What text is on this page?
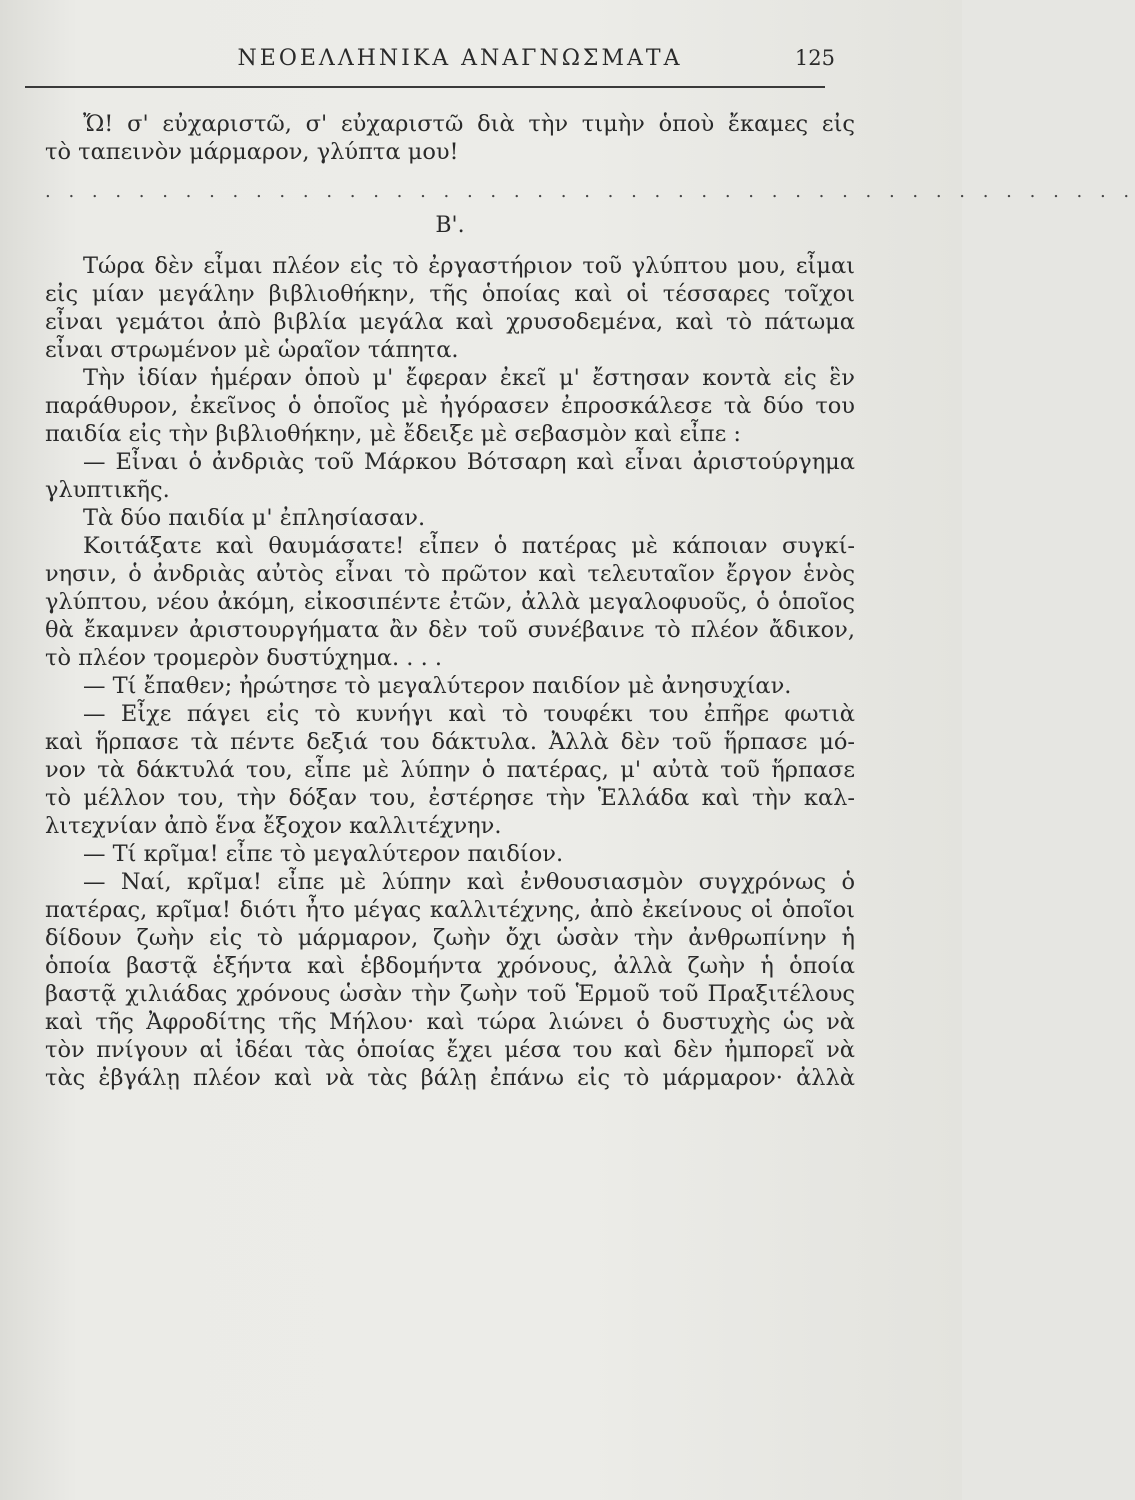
ΝΕΟΕΛΛΗΝΙΚΑ ΑΝΑΓΝΩΣΜΑΤΑ	125

Ὤ! σ' εὐχαριστῶ, σ' εὐχαριστῶ διὰ τὴν τιμὴν ὁποὺ ἔκαμες εἰς

τὸ ταπεινὸν μάρμαρον, γλύπτα μου!

. . . . . . . . . . . . . . . . . . . . . . . . . . . . . . . . . . . . . . . . . . . . . . .
Β'.

Τώρα δὲν εἶμαι πλέον εἰς τὸ ἐργαστήριον τοῦ γλύπτου μου, εἶμαι

εἰς μίαν μεγάλην βιβλιοθήκην, τῆς ὁποίας καὶ οἱ τέσσαρες τοῖχοι

εἶναι γεμάτοι ἀπὸ βιβλία μεγάλα καὶ χρυσοδεμένα, καὶ τὸ πάτωμα

εἶναι στρωμένον μὲ ὡραῖον τάπητα.

Τὴν ἰδίαν ἡμέραν ὁποὺ μ' ἔφεραν ἐκεῖ μ' ἔστησαν κοντὰ εἰς ἓν

παράθυρον, ἐκεῖνος ὁ ὁποῖος μὲ ἠγόρασεν ἐπροσκάλεσε τὰ δύο του

παιδία εἰς τὴν βιβλιοθήκην, μὲ ἔδειξε μὲ σεβασμὸν καὶ εἶπε :

— Εἶναι ὁ ἀνδριὰς τοῦ Μάρκου Βότσαρη καὶ εἶναι ἀριστούργημα

γλυπτικῆς.

Τὰ δύο παιδία μ' ἐπλησίασαν.

Κοιτάξατε καὶ θαυμάσατε! εἶπεν ὁ πατέρας μὲ κάποιαν συγκί-

νησιν, ὁ ἀνδριὰς αὐτὸς εἶναι τὸ πρῶτον καὶ τελευταῖον ἔργον ἑνὸς

γλύπτου, νέου ἀκόμη, εἰκοσιπέντε ἐτῶν, ἀλλὰ μεγαλοφυοῦς, ὁ ὁποῖος

θὰ ἔκαμνεν ἀριστουργήματα ἂν δὲν τοῦ συνέβαινε τὸ πλέον ἄδικον,

τὸ πλέον τρομερὸν δυστύχημα. . . .

— Τί ἔπαθεν; ἠρώτησε τὸ μεγαλύτερον παιδίον μὲ ἀνησυχίαν.

— Εἶχε πάγει εἰς τὸ κυνήγι καὶ τὸ τουφέκι του ἐπῆρε φωτιὰ

καὶ ἥρπασε τὰ πέντε δεξιά του δάκτυλα. Ἀλλὰ δὲν τοῦ ἥρπασε μό-

νον τὰ δάκτυλά του, εἶπε μὲ λύπην ὁ πατέρας, μ' αὐτὰ τοῦ ἥρπασε

τὸ μέλλον του, τὴν δόξαν του, ἐστέρησε τὴν Ἑλλάδα καὶ τὴν καλ-

λιτεχνίαν ἀπὸ ἕνα ἔξοχον καλλιτέχνην.

— Τί κρῖμα! εἶπε τὸ μεγαλύτερον παιδίον.

— Ναί, κρῖμα! εἶπε μὲ λύπην καὶ ἐνθουσιασμὸν συγχρόνως ὁ

πατέρας, κρῖμα! διότι ἦτο μέγας καλλιτέχνης, ἀπὸ ἐκείνους οἱ ὁποῖοι

δίδουν ζωὴν εἰς τὸ μάρμαρον, ζωὴν ὄχι ὡσὰν τὴν ἀνθρωπίνην ἡ

ὁποία βαστᾷ ἑξήντα καὶ ἑβδομήντα χρόνους, ἀλλὰ ζωὴν ἡ ὁποία

βαστᾷ χιλιάδας χρόνους ὡσὰν τὴν ζωὴν τοῦ Ἑρμοῦ τοῦ Πραξιτέλους

καὶ τῆς Ἀφροδίτης τῆς Μήλου· καὶ τώρα λιώνει ὁ δυστυχὴς ὡς νὰ

τὸν πνίγουν αἱ ἰδέαι τὰς ὁποίας ἔχει μέσα του καὶ δὲν ἠμπορεῖ νὰ

τὰς ἐβγάλῃ πλέον καὶ νὰ τὰς βάλῃ ἐπάνω εἰς τὸ μάρμαρον· ἀλλὰ
